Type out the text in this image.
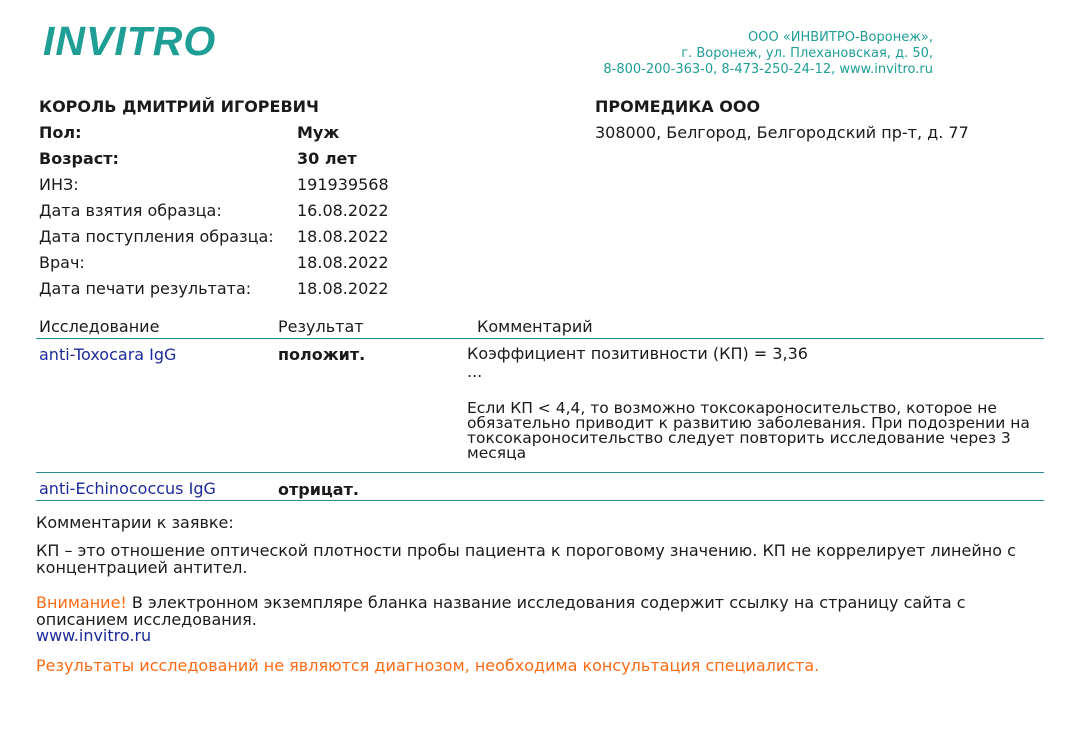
INVITRO	ООО «ИНВИТРО-Воронеж»,
г. Воронеж, ул. Плехановская, д. 50,
8-800-200-363-0, 8-473-250-24-12, www.invitro.ru
КОРОЛЬ ДМИТРИЙ ИГОРЕВИЧ
Пол:	Муж
Возраст:	30 лет
ИНЗ:	191939568
Дата взятия образца:	16.08.2022
Дата поступления образца: 18.08.2022
Врач:	18.08.2022
Дата печати результата:	18.08.2022
ПРОМЕДИКА ООО
308000, Белгород, Белгородский пр-т, д. 77
Исследование	Результат	Комментарий
anti-Toxocara IgG	положит.	Коэффициент позитивности (КП) = 3,36
...
Если КП < 4,4, то возможно токсокароносительство, которое не обязательно приводит к развитию заболевания. При подозрении на токсокароносительство следует повторить исследование через 3 месяца
anti-Echinococcus IgG	отрицат.
Комментарии к заявке:
КП – это отношение оптической плотности пробы пациента к пороговому значению. КП не коррелирует линейно с концентрацией антител.
Внимание! В электронном экземпляре бланка название исследования содержит ссылку на страницу сайта с описанием исследования.
www.invitro.ru
Результаты исследований не являются диагнозом, необходима консультация специалиста.
